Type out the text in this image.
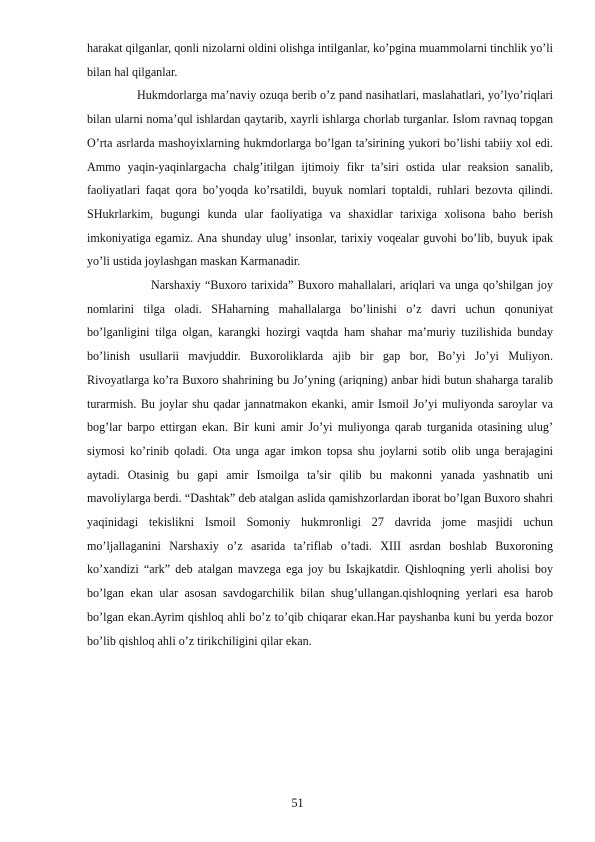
harakat qilganlar, qonli nizolarni oldini olishga intilganlar, ko’pgina muammolarni tinchlik yo’li bilan hal qilganlar.

Hukmdorlarga ma’naviy ozuqa berib o’z pand nasihatlari, maslahatlari, yo’lyo’riqlari bilan ularni noma’qul ishlardan qaytarib, xayrli ishlarga chorlab turganlar. Islom ravnaq topgan O’rta asrlarda mashoyixlarning hukmdorlarga bo’lgan ta’sirining yukori bo’lishi tabiiy xol edi. Ammo yaqin-yaqinlargacha chalg’itilgan ijtimoiy fikr ta’siri ostida ular reaksion sanalib, faoliyatlari faqat qora bo’yoqda ko’rsatildi, buyuk nomlari toptaldi, ruhlari bezovta qilindi. SHukrlarkim, bugungi kunda ular faoliyatiga va shaxidlar tarixiga xolisona baho berish imkoniyatiga egamiz. Ana shunday ulug’ insonlar, tarixiy voqealar guvohi bo’lib, buyuk ipak yo’li ustida joylashgan maskan Karmanadir.

Narshaxiy “Buxoro tarixida” Buxoro mahallalari, ariqlari va unga qo’shilgan joy nomlarini tilga oladi. SHaharning mahallalarga bo’linishi o’z davri uchun qonuniyat bo’lganligini tilga olgan, karangki hozirgi vaqtda ham shahar ma’muriy tuzilishida bunday bo’linish usullarii mavjuddir. Buxoroliklarda ajib bir gap bor, Bo’yi Jo’yi Muliyon. Rivoyatlarga ko’ra Buxoro shahrining bu Jo’yning (ariqning) anbar hidi butun shaharga taralib turarmish. Bu joylar shu qadar jannatmakon ekanki, amir Ismoil Jo’yi muliyonda saroylar va bog’lar barpo ettirgan ekan. Bir kuni amir Jo’yi muliyonga qarab turganida otasining ulug’ siymosi ko’rinib qoladi. Ota unga agar imkon topsa shu joylarni sotib olib unga berajagini aytadi. Otasinig bu gapi amir Ismoilga ta’sir qilib bu makonni yanada yashnatib uni mavoliylarga berdi. “Dashtak” deb atalgan aslida qamishzorlardan iborat bo’lgan Buxoro shahri yaqinidagi tekislikni Ismoil Somoniy hukmronligi 27 davrida jome masjidi uchun mo’ljallaganini Narshaxiy o’z asarida ta’riflab o’tadi. XIII asrdan boshlab Buxoroning ko’xandizi “ark” deb atalgan mavzega ega joy bu Iskajkatdir. Qishloqning yerli aholisi boy bo’lgan ekan ular asosan savdogarchilik bilan shug’ullangan.qishloqning yerlari esa harob bo’lgan ekan.Ayrim qishloq ahli bo’z to’qib chiqarar ekan.Har payshanba kuni bu yerda bozor bo’lib qishloq ahli o’z tirikchiligini qilar ekan.

51
